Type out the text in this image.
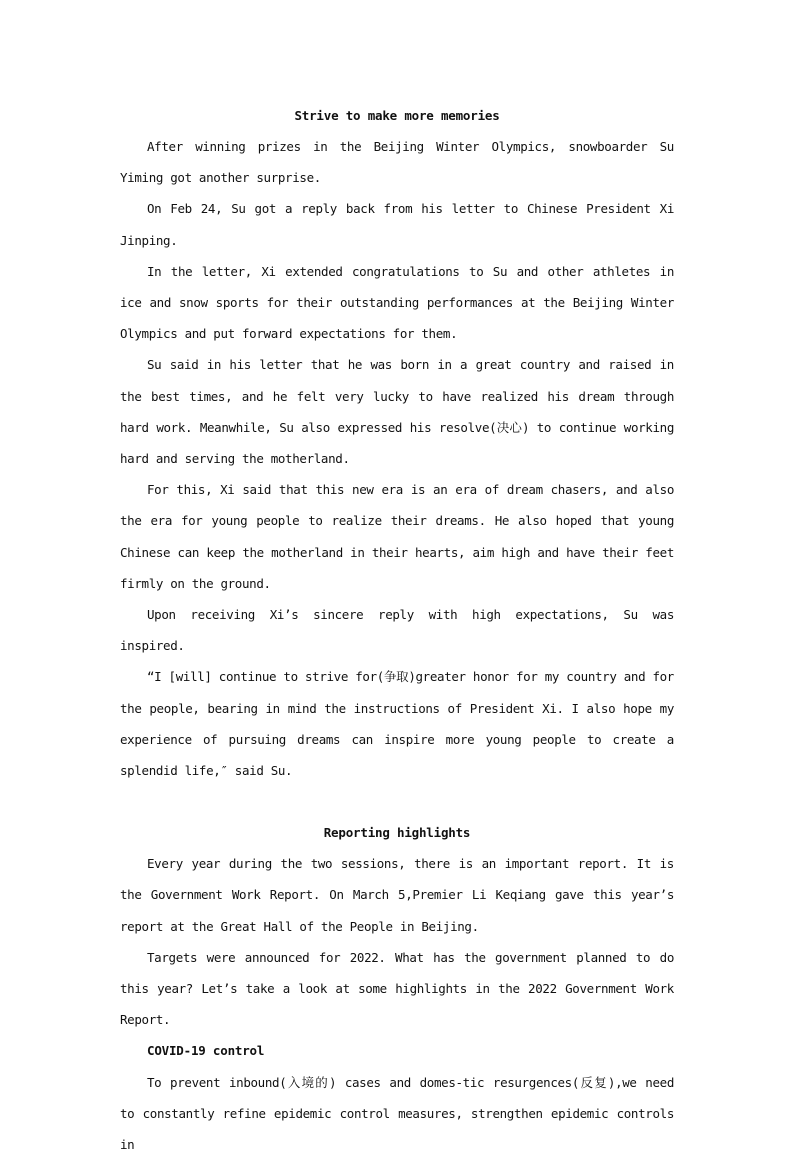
Strive to make more memories

After winning prizes in the Beijing Winter Olympics, snowboarder Su Yiming got another surprise.

On Feb 24, Su got a reply back from his letter to Chinese President Xi Jinping.

In the letter, Xi extended congratulations to Su and other athletes in ice and snow sports for their outstanding performances at the Beijing Winter Olympics and put forward expectations for them.

Su said in his letter that he was born in a great country and raised in the best times, and he felt very lucky to have realized his dream through hard work. Meanwhile, Su also expressed his resolve(决心) to continue working hard and serving the motherland.

For this, Xi said that this new era is an era of dream chasers, and also the era for young people to realize their dreams. He also hoped that young Chinese can keep the motherland in their hearts, aim high and have their feet firmly on the ground.

Upon receiving Xi’s sincere reply with high expectations, Su was inspired.

“I [will] continue to strive for(争取)greater honor for my country and for the people, bearing in mind the instructions of President Xi. I also hope my experience of pursuing dreams can inspire more young people to create a splendid life,″ said Su.

Reporting highlights

Every year during the two sessions, there is an important report. It is the Government Work Report. On March 5,Premier Li Keqiang gave this year’s report at the Great Hall of the People in Beijing.

Targets were announced for 2022. What has the government planned to do this year? Let’s take a look at some highlights in the 2022 Government Work Report.

COVID-19 control

To prevent inbound(入境的) cases and domes-tic resurgences(反复),we need to constantly refine epidemic control measures, strengthen epidemic controls in
